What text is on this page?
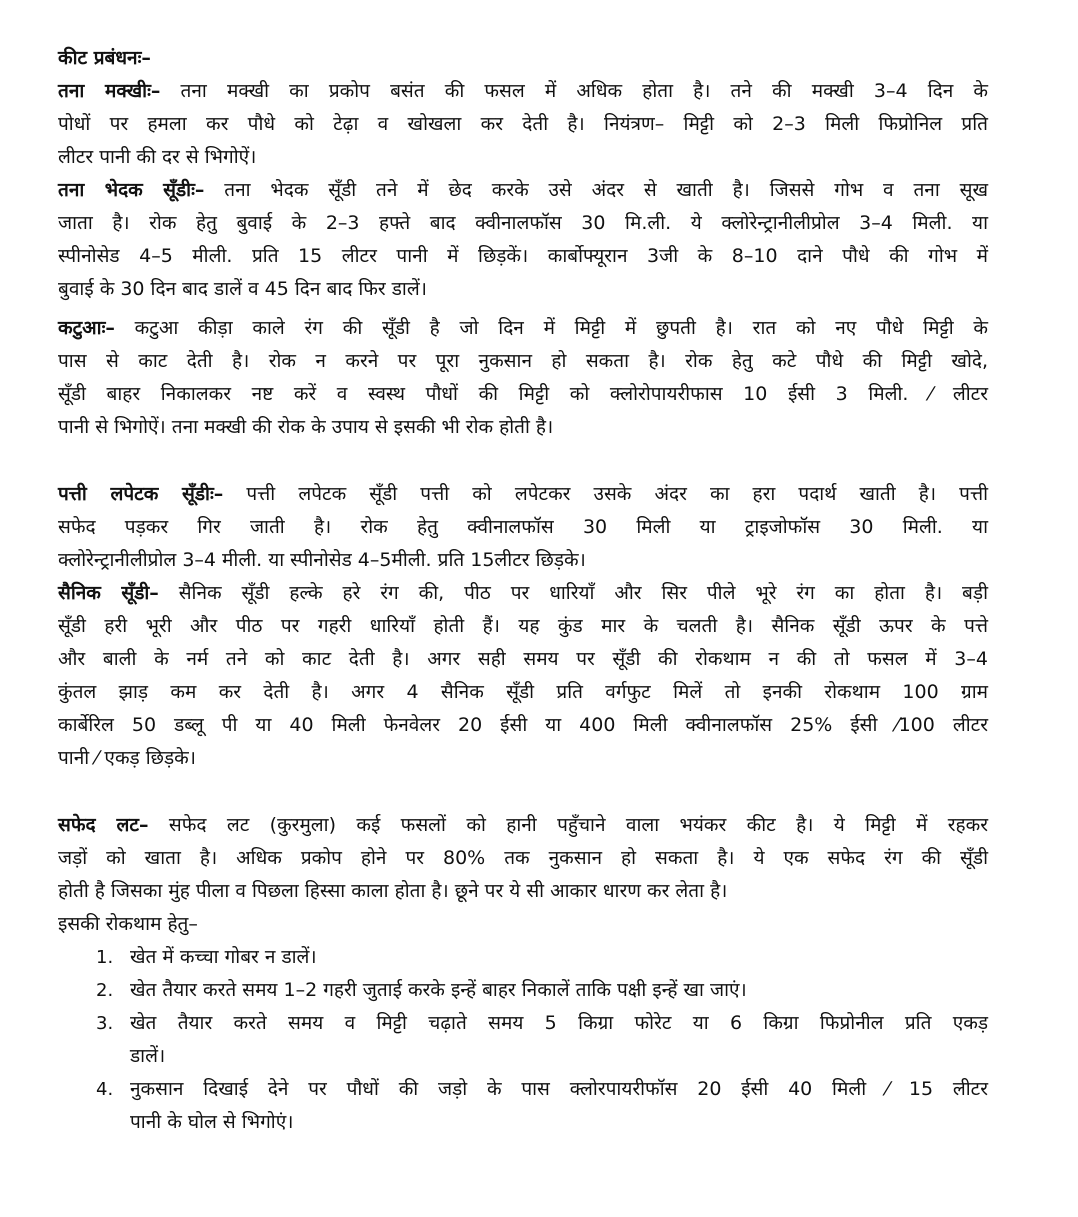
कीट प्रबंधनः–
तना मक्खीः– तना मक्खी का प्रकोप बसंत की फसल में अधिक होता है। तने की मक्खी 3–4 दिन के
पोधों पर हमला कर पौधे को टेढ़ा व खोखला कर देती है। नियंत्रण– मिट्टी को 2–3 मिली फिप्रोनिल प्रति
लीटर पानी की दर से भिगोऐं।
तना भेदक सूँडीः– तना भेदक सूँडी तने में छेद करके उसे अंदर से खाती है। जिससे गोभ व तना सूख
जाता है। रोक हेतु बुवाई के 2–3 हफ्ते बाद क्वीनालफॉस 30 मि.ली. ये क्लोरेन्ट्रानीलीप्रोल 3–4 मिली. या
स्पीनोसेड 4–5 मीली. प्रति 15 लीटर पानी में छिड़कें। कार्बोफ्यूरान 3जी के 8–10 दाने पौधे की गोभ में
बुवाई के 30 दिन बाद डालें व 45 दिन बाद फिर डालें।
कटुआः– कटुआ कीड़ा काले रंग की सूँडी है जो दिन में मिट्टी में छुपती है। रात को नए पौधे मिट्टी के
पास से काट देती है। रोक न करने पर पूरा नुकसान हो सकता है। रोक हेतु कटे पौधे की मिट्टी खोदे,
सूँडी बाहर निकालकर नष्ट करें व स्वस्थ पौधों की मिट्टी को क्लोरोपायरीफास 10 ईसी 3 मिली. ⁄ लीटर
पानी से भिगोऐं। तना मक्खी की रोक के उपाय से इसकी भी रोक होती है।
पत्ती लपेटक सूँडीः– पत्ती लपेटक सूँडी पत्ती को लपेटकर उसके अंदर का हरा पदार्थ खाती है। पत्ती
सफेद पड़कर गिर जाती है। रोक हेतु क्वीनालफॉस 30 मिली या ट्राइजोफॉस 30 मिली. या
क्लोरेन्ट्रानीलीप्रोल 3–4 मीली. या स्पीनोसेड 4–5मीली. प्रति 15लीटर छिड़के।
सैनिक सूँडी– सैनिक सूँडी हल्के हरे रंग की, पीठ पर धारियाँ और सिर पीले भूरे रंग का होता है। बड़ी
सूँडी हरी भूरी और पीठ पर गहरी धारियाँ होती हैं। यह कुंड मार के चलती है। सैनिक सूँडी ऊपर के पत्ते
और बाली के नर्म तने को काट देती है। अगर सही समय पर सूँडी की रोकथाम न की तो फसल में 3–4
कुंतल झाड़ कम कर देती है। अगर 4 सैनिक सूँडी प्रति वर्गफुट मिलें तो इनकी रोकथाम 100 ग्राम
कार्बेरिल 50 डब्लू पी या 40 मिली फेनवेलर 20 ईसी या 400 मिली क्वीनालफॉस 25% ईसी ⁄100 लीटर
पानी ⁄ एकड़ छिड़के।
सफेद लट– सफेद लट (कुरमुला) कई फसलों को हानी पहुँचाने वाला भयंकर कीट है। ये मिट्टी में रहकर
जड़ों को खाता है। अधिक प्रकोप होने पर 80% तक नुकसान हो सकता है। ये एक सफेद रंग की सूँडी
होती है जिसका मुंह पीला व पिछला हिस्सा काला होता है। छूने पर ये सी आकार धारण कर लेता है।
इसकी रोकथाम हेतु–
1. खेत में कच्चा गोबर न डालें।
2. खेत तैयार करते समय 1–2 गहरी जुताई करके इन्हें बाहर निकालें ताकि पक्षी इन्हें खा जाएं।
3. खेत तैयार करते समय व मिट्टी चढ़ाते समय 5 किग्रा फोरेट या 6 किग्रा फिप्रोनील प्रति एकड़
डालें।
4. नुकसान दिखाई देने पर पौधों की जड़ो के पास क्लोरपायरीफॉस 20 ईसी 40 मिली ⁄ 15 लीटर
पानी के घोल से भिगोएं।
